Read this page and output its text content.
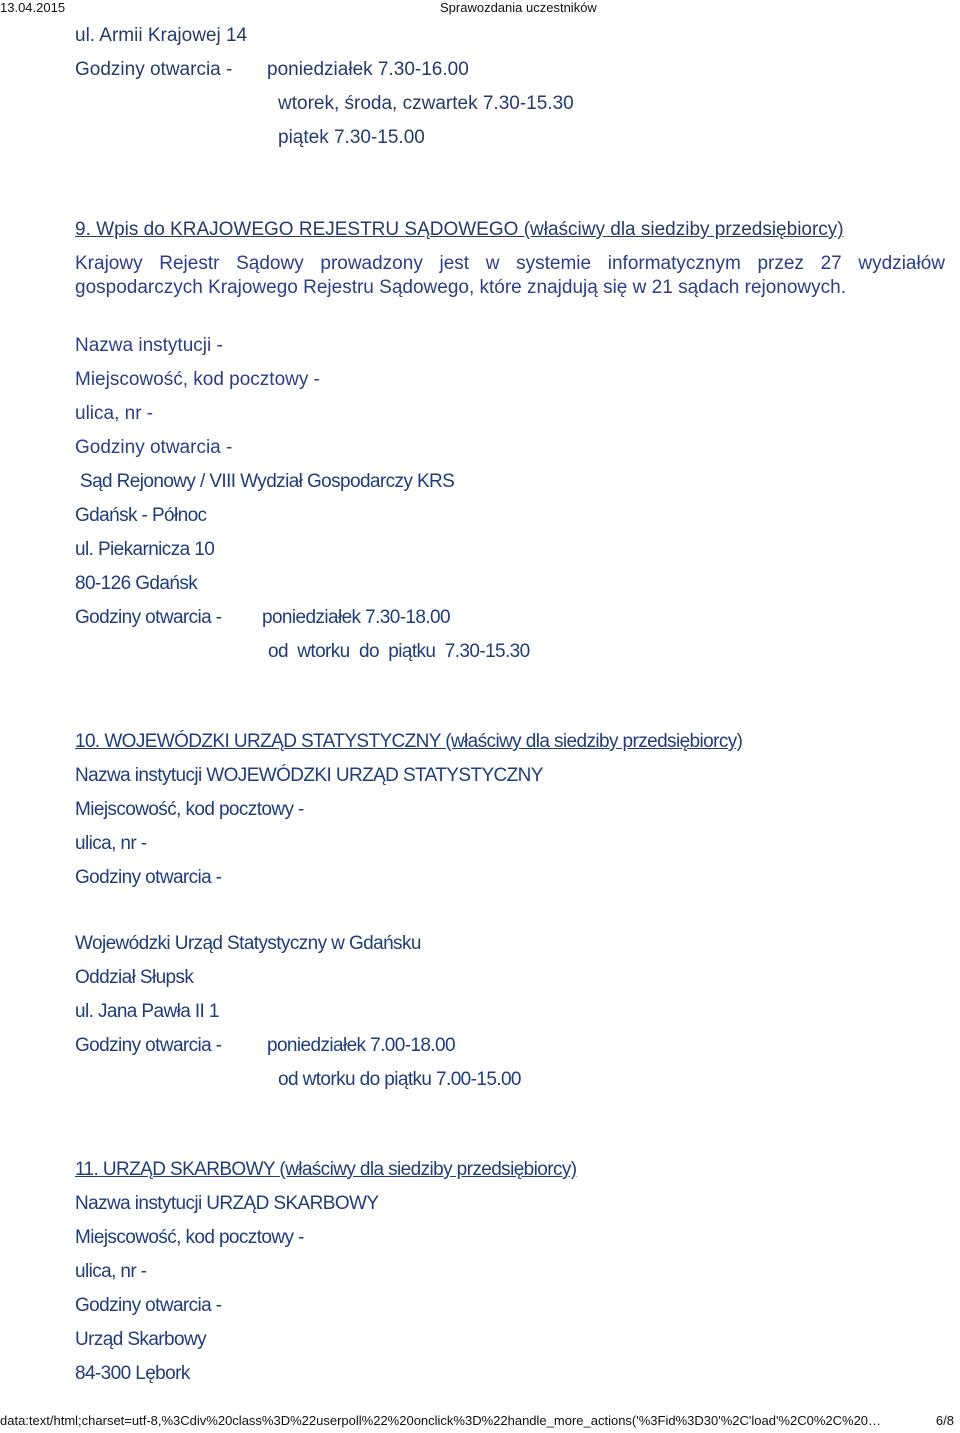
13.04.2015	Sprawozdania uczestników
ul. Armii Krajowej 14
Godziny otwarcia - poniedziałek 7.30-16.00
wtorek, środa, czwartek 7.30-15.30
piątek 7.30-15.00
9. Wpis do KRAJOWEGO REJESTRU SĄDOWEGO (właściwy dla siedziby przedsiębiorcy)
Krajowy Rejestr Sądowy prowadzony jest w systemie informatycznym przez 27 wydziałów gospodarczych Krajowego Rejestru Sądowego, które znajdują się w 21 sądach rejonowych.
Nazwa instytucji -
Miejscowość, kod pocztowy -
ulica, nr -
Godziny otwarcia -
Sąd Rejonowy / VIII Wydział Gospodarczy KRS
Gdańsk - Północ
ul. Piekarnicza 10
80-126 Gdańsk
Godziny otwarcia - poniedziałek 7.30-18.00
od  wtorku  do  piątku  7.30-15.30
10. WOJEWÓDZKI URZĄD STATYSTYCZNY (właściwy dla siedziby przedsiębiorcy)
Nazwa instytucji WOJEWÓDZKI URZĄD STATYSTYCZNY
Miejscowość, kod pocztowy -
ulica, nr -
Godziny otwarcia -
Wojewódzki Urząd Statystyczny w Gdańsku
Oddział Słupsk
ul. Jana Pawła II 1
Godziny otwarcia - poniedziałek 7.00-18.00
od wtorku do piątku 7.00-15.00
11. URZĄD SKARBOWY (właściwy dla siedziby przedsiębiorcy)
Nazwa instytucji URZĄD SKARBOWY
Miejscowość, kod pocztowy -
ulica, nr -
Godziny otwarcia -
Urząd Skarbowy
84-300 Lębork
data:text/html;charset=utf-8,%3Cdiv%20class%3D%22userpoll%22%20onclick%3D%22handle_more_actions('%3Fid%3D30'%2C'load'%2C0%2C%20…	6/8
